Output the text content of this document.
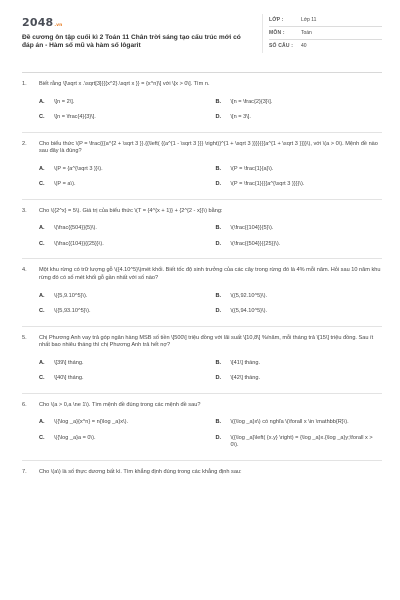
2048 .vn
Đề cương ôn tập cuối kì 2 Toán 11 Chân trời sáng tạo cấu trúc mới có đáp án - Hàm số mũ và hàm số lôgarit
LỚP :	Lớp 11
MÔN :	Toán
SỐ CÂU :	40
1.	Biết rằng \[\sqrt x .\sqrt[3]{{{x^2}.\sqrt x }} = {x^n}\] với \[x > 0\]. Tìm n.
A.	\[n = 2\].	B.	\[n = \frac{2}{3}\].
C.	\[n = \frac{4}{3}\].	D.	\[n = 3\].
2.	Cho biểu thức \(P = \frac{{{a^{2 + \sqrt 3 }}.{{\left( {{a^{1 - \sqrt 3 }}} \right)}^{1 + \sqrt 3 }}}}{{{a^{1 + \sqrt 3 }}}}\), với \(a > 0\). Mệnh đề nào sau đây là đúng?
A.	\(P = {a^{\sqrt 3 }}\).	B.	\(P = \frac{1}{a}\).
C.	\(P = a\).	D.	\(P = \frac{1}{{{a^{\sqrt 3 }}}}\).
3.	Cho \({2^x} = 5\). Giá trị của biểu thức \(T = {4^{x + 1}} + {2^{2 - x}}\) bằng:
A.	\(\frac{{504}}{5}\).	B.	\(\frac{{104}}{5}\).
C.	\(\frac{{104}}{{25}}\).	D.	\(\frac{{504}}{{25}}\).
4.	Một khu rừng có trữ lượng gỗ \({4.10^5}\)mét khối. Biết tốc độ sinh trưởng của các cây trong rừng đó là 4% mỗi năm. Hỏi sau 10 năm khu rừng đó có số mét khối gỗ gần nhất với số nào?
A.	\({5,9.10^5}\).	B.	\({5,92.10^5}\).
C.	\({5,93.10^5}\).	D.	\({5,94.10^5}\).
5.	Chị Phương Anh vay trả góp ngân hàng MSB số tiền \[500\] triệu đồng với lãi suất \[10,8\] %/năm, mỗi tháng trả \[15\] triệu đồng. Sau ít nhất bao nhiêu tháng thì chị Phương Anh trả hết nợ?
A.	\[39\] tháng.	B.	\[41\] tháng.
C.	\[40\] tháng.	D.	\[42\] tháng.
6.	Cho \(a > 0,a \ne 1\). Tìm mệnh đề đúng trong các mệnh đề sau?
A.	\({\log _a}{x^n} = n{\log _a}x\).	B.	\({\log _a}x\) có nghĩa \(\forall x \in \mathbb{R}\).
C.	\({\log _a}a = 0\).	D.	\({\log _a}\left( {x.y} \right) = {\log _a}x.{\log _a}y;\forall x > 0\).
7.	Cho \(a\) là số thực dương bất kì. Tìm khẳng định đúng trong các khẳng định sau:
